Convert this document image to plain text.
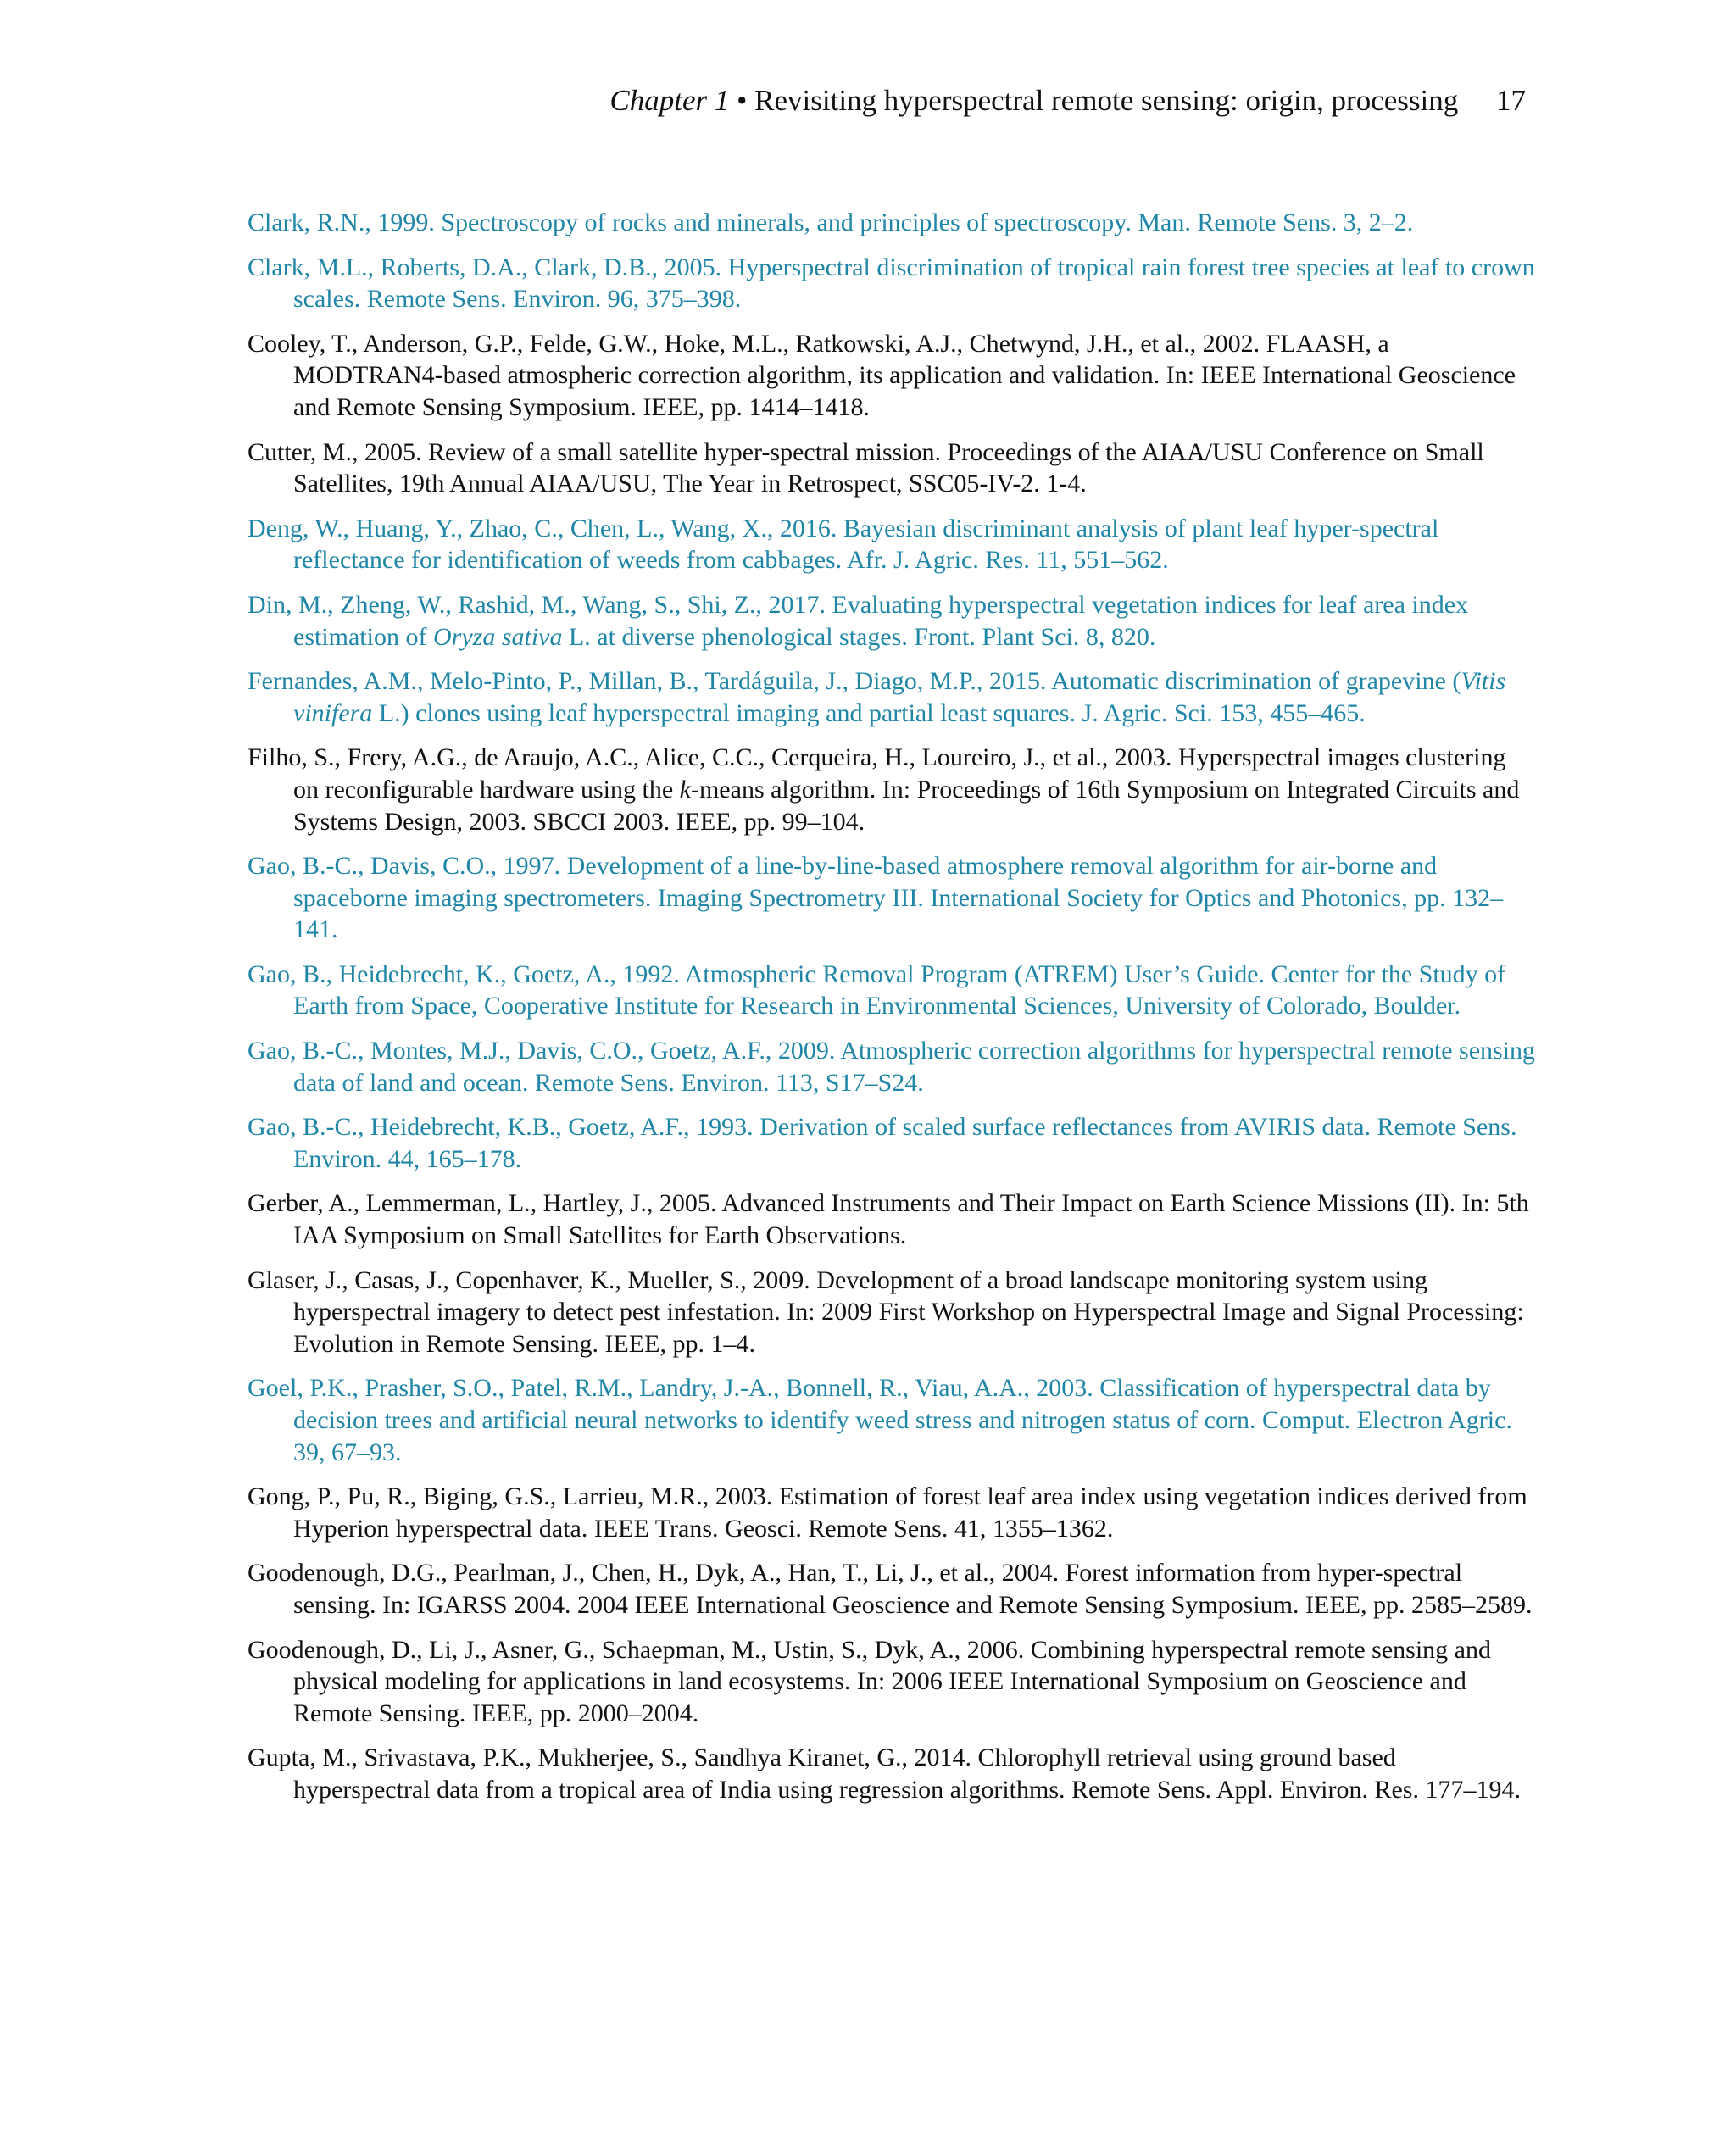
Chapter 1 • Revisiting hyperspectral remote sensing: origin, processing 17

Clark, R.N., 1999. Spectroscopy of rocks and minerals, and principles of spectroscopy. Man. Remote Sens. 3, 2–2.

Clark, M.L., Roberts, D.A., Clark, D.B., 2005. Hyperspectral discrimination of tropical rain forest tree species at leaf to crown scales. Remote Sens. Environ. 96, 375–398.

Cooley, T., Anderson, G.P., Felde, G.W., Hoke, M.L., Ratkowski, A.J., Chetwynd, J.H., et al., 2002. FLAASH, a MODTRAN4-based atmospheric correction algorithm, its application and validation. In: IEEE International Geoscience and Remote Sensing Symposium. IEEE, pp. 1414–1418.

Cutter, M., 2005. Review of a small satellite hyper-spectral mission. Proceedings of the AIAA/USU Conference on Small Satellites, 19th Annual AIAA/USU, The Year in Retrospect, SSC05-IV-2. 1-4.

Deng, W., Huang, Y., Zhao, C., Chen, L., Wang, X., 2016. Bayesian discriminant analysis of plant leaf hyper-spectral reflectance for identification of weeds from cabbages. Afr. J. Agric. Res. 11, 551–562.

Din, M., Zheng, W., Rashid, M., Wang, S., Shi, Z., 2017. Evaluating hyperspectral vegetation indices for leaf area index estimation of Oryza sativa L. at diverse phenological stages. Front. Plant Sci. 8, 820.

Fernandes, A.M., Melo-Pinto, P., Millan, B., Tardáguila, J., Diago, M.P., 2015. Automatic discrimination of grapevine (Vitis vinifera L.) clones using leaf hyperspectral imaging and partial least squares. J. Agric. Sci. 153, 455–465.

Filho, S., Frery, A.G., de Araujo, A.C., Alice, C.C., Cerqueira, H., Loureiro, J., et al., 2003. Hyperspectral images clustering on reconfigurable hardware using the k-means algorithm. In: Proceedings of 16th Symposium on Integrated Circuits and Systems Design, 2003. SBCCI 2003. IEEE, pp. 99–104.

Gao, B.-C., Davis, C.O., 1997. Development of a line-by-line-based atmosphere removal algorithm for air-borne and spaceborne imaging spectrometers. Imaging Spectrometry III. International Society for Optics and Photonics, pp. 132–141.

Gao, B., Heidebrecht, K., Goetz, A., 1992. Atmospheric Removal Program (ATREM) User’s Guide. Center for the Study of Earth from Space, Cooperative Institute for Research in Environmental Sciences, University of Colorado, Boulder.

Gao, B.-C., Montes, M.J., Davis, C.O., Goetz, A.F., 2009. Atmospheric correction algorithms for hyperspectral remote sensing data of land and ocean. Remote Sens. Environ. 113, S17–S24.

Gao, B.-C., Heidebrecht, K.B., Goetz, A.F., 1993. Derivation of scaled surface reflectances from AVIRIS data. Remote Sens. Environ. 44, 165–178.

Gerber, A., Lemmerman, L., Hartley, J., 2005. Advanced Instruments and Their Impact on Earth Science Missions (II). In: 5th IAA Symposium on Small Satellites for Earth Observations.

Glaser, J., Casas, J., Copenhaver, K., Mueller, S., 2009. Development of a broad landscape monitoring system using hyperspectral imagery to detect pest infestation. In: 2009 First Workshop on Hyperspectral Image and Signal Processing: Evolution in Remote Sensing. IEEE, pp. 1–4.

Goel, P.K., Prasher, S.O., Patel, R.M., Landry, J.-A., Bonnell, R., Viau, A.A., 2003. Classification of hyperspectral data by decision trees and artificial neural networks to identify weed stress and nitrogen status of corn. Comput. Electron Agric. 39, 67–93.

Gong, P., Pu, R., Biging, G.S., Larrieu, M.R., 2003. Estimation of forest leaf area index using vegetation indices derived from Hyperion hyperspectral data. IEEE Trans. Geosci. Remote Sens. 41, 1355–1362.

Goodenough, D.G., Pearlman, J., Chen, H., Dyk, A., Han, T., Li, J., et al., 2004. Forest information from hyper-spectral sensing. In: IGARSS 2004. 2004 IEEE International Geoscience and Remote Sensing Symposium. IEEE, pp. 2585–2589.

Goodenough, D., Li, J., Asner, G., Schaepman, M., Ustin, S., Dyk, A., 2006. Combining hyperspectral remote sensing and physical modeling for applications in land ecosystems. In: 2006 IEEE International Symposium on Geoscience and Remote Sensing. IEEE, pp. 2000–2004.

Gupta, M., Srivastava, P.K., Mukherjee, S., Sandhya Kiranet, G., 2014. Chlorophyll retrieval using ground based hyperspectral data from a tropical area of India using regression algorithms. Remote Sens. Appl. Environ. Res. 177–194.
